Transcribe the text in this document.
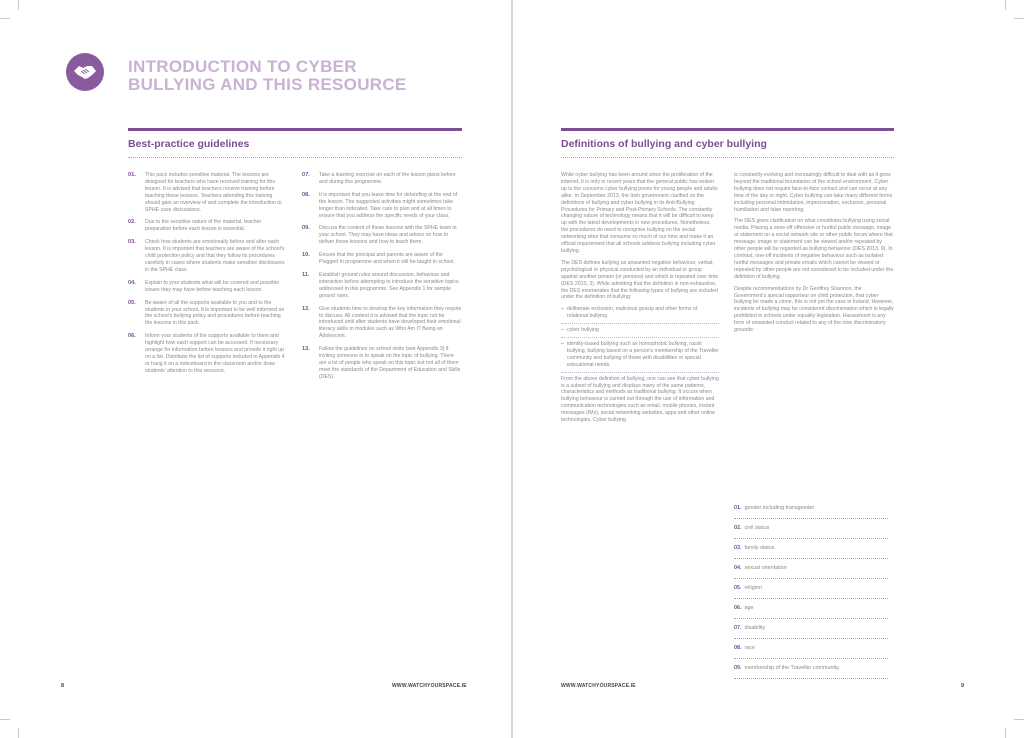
INTRODUCTION TO CYBER
BULLYING AND THIS RESOURCE
Best-practice guidelines	Definitions of bullying and cyber bullying
01. This pack includes sensitive material. The lessons are designed for teachers who have received training for this lesson. It is advised that teachers receive training before teaching these lessons. Teachers attending this training should gain an overview of and complete the introduction to SPHE case discussions.
02. Due to the sensitive nature of the material, teacher preparation before each lesson is essential.
03. Check how students are emotionally before and after each lesson. It is important that teachers are aware of the school's child protection policy and that they follow its procedures carefully in cases where students make sensitive disclosures in the SPHE class.
04. Explain to your students what will be covered and possible issues they may have before teaching each lesson.
05. Be aware of all the supports available to you and to the students in your school. It is important to be well informed on the school's bullying policy and procedures before teaching the lessons in this pack.
06. Inform your students of the supports available to them and highlight how each support can be accessed. If necessary arrange for information before lessons and provide it right up on a list. Distribute the list of supports included in Appendix 4 or hang it on a noticeboard in the classroom and/or draw students' attention to this resource.
07. Take a learning exercise on each of the lesson plans before and during this programme.
08. It is important that you leave time for debriefing at the end of the lesson. The suggested activities might sometimes take longer than indicated. Take care to plan and at all times to ensure that you address the specific needs of your class.
09. Discuss the content of these lessons with the SPHE team in your school. They may have ideas and advice on how to deliver these lessons and how to teach them.
10. Ensure that the principal and parents are aware of the Plugged In programme and when it will be taught in school.
11. Establish ground rules around discussion, behaviour and interaction before attempting to introduce the sensitive topics addressed in this programme. See Appendix 1 for sample ground rules.
12. Give students time to develop the key information they require to discuss. All content it is advised that the topic not be introduced until after students have developed their emotional literacy skills in modules such as Who Am I? Being an Adolescent.
13. Follow the guidelines on school visits (see Appendix 3) if inviting someone in to speak on the topic of bullying. There are a lot of people who speak on this topic but not all of them meet the standards of the Department of Education and Skills (DES).

While cyber bullying has been around since the proliferation of the internet, it is only in recent years that the general public has woken up to the concerns cyber bullying poses for young people and adults alike. In September 2013, the Irish government clarified on the definitions of bullying and cyber bullying in its Anti-Bullying Procedures for Primary and Post-Primary Schools. The constantly changing nature of technology means that it will be difficult to keep up with the latest developments in new procedures. Nonetheless, the procedures do need to recognise bullying on the social networking sites that consume so much of our time and make it an official requirement that all schools address bullying including cyber bullying.

The DES defines bullying as unwanted negative behaviour, verbal, psychological or physical conducted by an individual or group against another person (or persons) and which is repeated over time (DES 2013, 3). While admitting that the definition is non-exhaustive, the DES enumerates that the following types of bullying are included under the definition of bullying:

– deliberate exclusion, malicious gossip and other forms of relational bullying
– cyber bullying
– identity-based bullying such as homophobic bullying, racist bullying, bullying based on a person's membership of the Traveller community and bullying of those with disabilities or special educational needs.

From the above definition of bullying, one can see that cyber bullying is a subset of bullying and displays many of the same patterns, characteristics and methods as traditional bullying. It occurs when bullying behaviour is carried out through the use of information and communication technologies such as email, mobile phones, instant messages (IMs), social networking websites, apps and other online technologies. Cyber bullying

is constantly evolving and increasingly difficult to deal with as it goes beyond the traditional boundaries of the school environment. Cyber bullying does not require face-to-face contact and can occur at any time of the day or night. Cyber bullying can take many different forms including personal intimidation, impersonation, exclusion, personal humiliation and false reporting.

The DES gives clarification on what constitutes bullying using social media. Placing a once-off offensive or hurtful public message, image or statement on a social network site or other public forum where that message, image or statement can be viewed and/or repeated by other people will be regarded as bullying behaviour (DES 2013, 9). In contrast, one-off incidents of negative behaviour such as isolated hurtful messages and private emails which cannot be viewed or repeated by other people are not considered to be included under the definition of bullying.

Despite recommendations by Dr Geoffrey Shannon, the Government's special rapporteur on child protection, that cyber bullying be made a crime, this is not yet the case in Ireland. However, incidents of bullying may be considered discrimination which is legally prohibited in schools under equality legislation. Harassment is any form of unwanted conduct related to any of the nine discriminatory grounds:

01. gender including transgender
02. civil status
03. family status
04. sexual orientation
05. religion
06. age
07. disability
08. race
09. membership of the Traveller community.
8	WWW.WATCHYOURSPACE.IE	WWW.WATCHYOURSPACE.IE	9
